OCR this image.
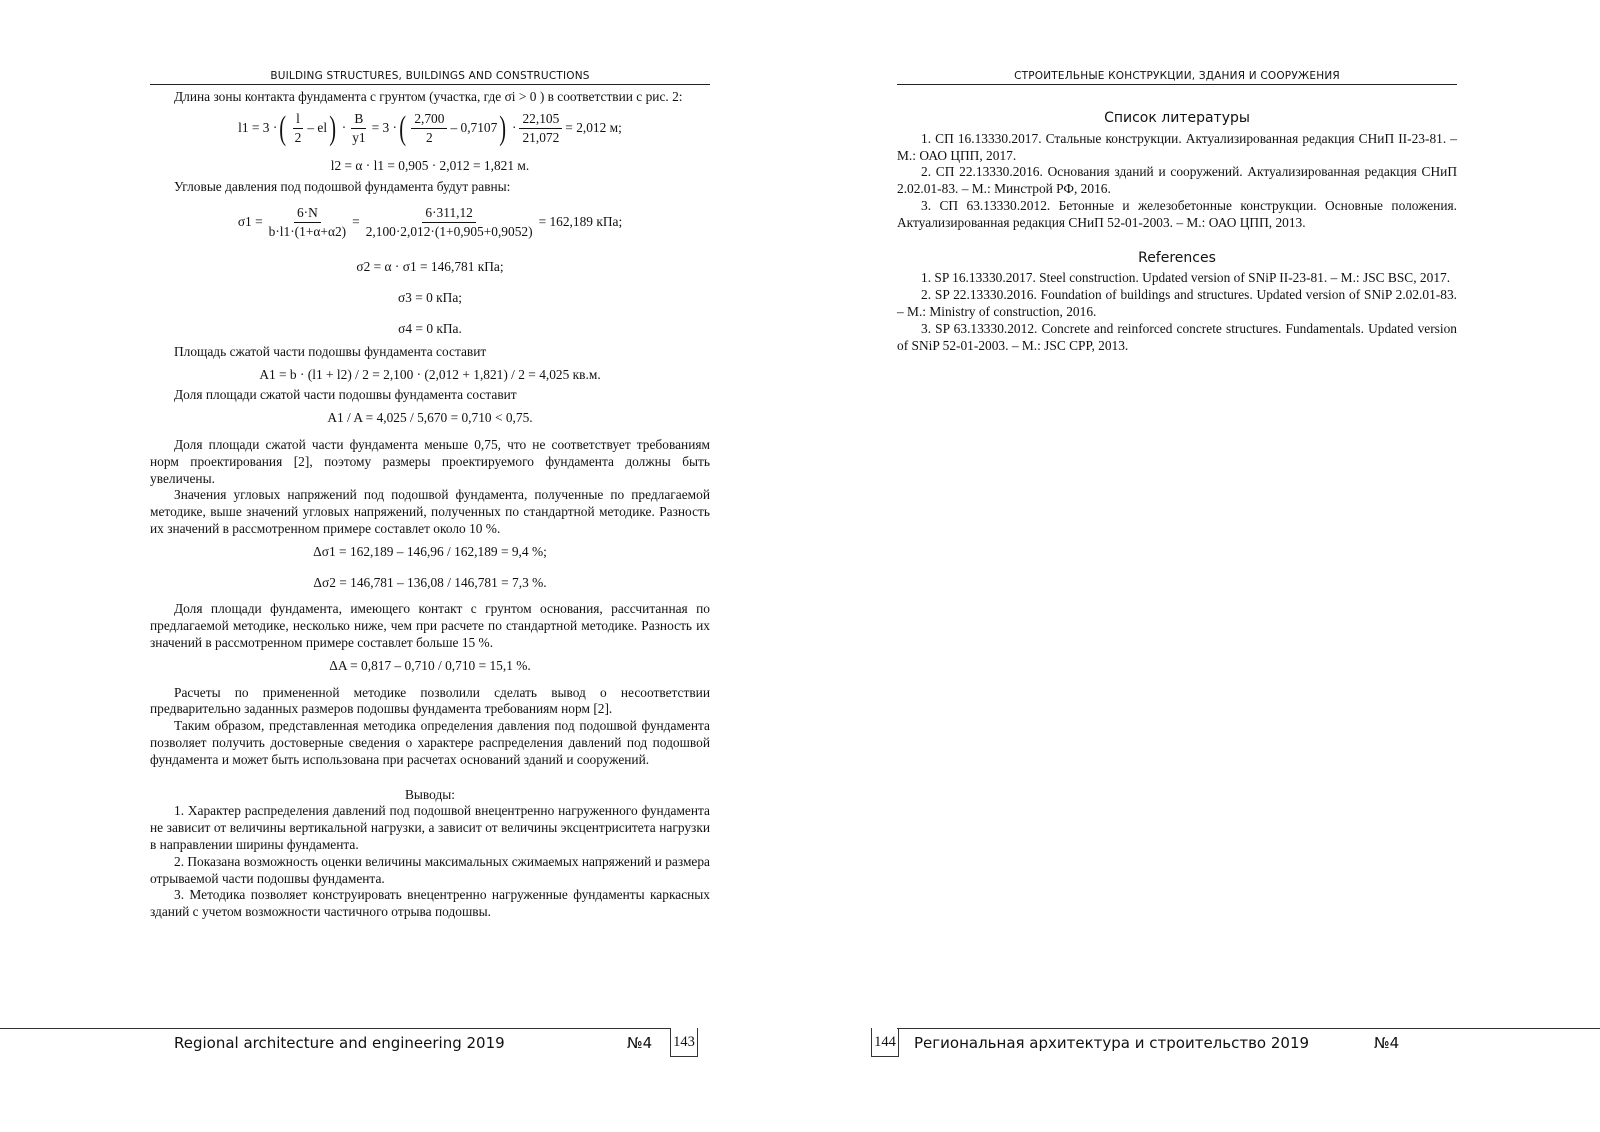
BUILDING STRUCTURES, BUILDINGS AND CONSTRUCTIONS

Длина зоны контакта фундамента с грунтом (участка, где σi > 0 ) в соответствии с рис. 2:

l1 = 3 · ( $\frac{l}{2}$ – el ) · $\frac{B}{y1} = 3$ · ( $\frac{2,700}{2} - 0,7107$ ) · $\frac{22,105}{21,072} = 2,012$ м;

l2 = α · l1 = 0,905 · 2,012 = 1,821 м.

Угловые давления под подошвой фундамента будут равны:

$\sigma 1 = \frac{6\cdot N}{b\cdot l1\cdot(1+\alpha+\alpha 2)} = \frac{6\cdot 311,12}{2,100\cdot 2,012\cdot(1+0,905+0,9052)} = 162,189$ кПа;

σ2 = α · σ1 = 146,781 кПа;

σ3 = 0 кПа;

σ4 = 0 кПа.

Площадь сжатой части подошвы фундамента составит

A1 = b · (l1 + l2) / 2 = 2,100 · (2,012 + 1,821) / 2 = 4,025 кв.м.

Доля площади сжатой части подошвы фундамента составит

A1 / A = 4,025 / 5,670 = 0,710 < 0,75.

Доля площади сжатой части фундамента меньше 0,75, что не соответствует требованиям норм проектирования [2], поэтому размеры проектируемого фундамента должны быть увеличены.

Значения угловых напряжений под подошвой фундамента, полученные по предлагаемой методике, выше значений угловых напряжений, полученных по стандартной методике. Разность их значений в рассмотренном примере составлет около 10 %.

Δσ1 = 162,189 – 146,96 / 162,189 = 9,4 %;

Δσ2 = 146,781 – 136,08 / 146,781 = 7,3 %.

Доля площади фундамента, имеющего контакт с грунтом основания, рассчитанная по предлагаемой методике, несколько ниже, чем при расчете по стандартной методике. Разность их значений в рассмотренном примере составлет больше 15 %.

ΔA = 0,817 – 0,710 / 0,710 = 15,1 %.

Расчеты по примененной методике позволили сделать вывод о несоответствии предварительно заданных размеров подошвы фундамента требованиям норм [2].

Таким образом, представленная методика определения давления под подошвой фундамента позволяет получить достоверные сведения о характере распределения давлений под подошвой фундамента и может быть использована при расчетах оснований зданий и сооружений.

Выводы:

1. Характер распределения давлений под подошвой внецентренно нагруженного фундамента не зависит от величины вертикальной нагрузки, а зависит от величины эксцентриситета нагрузки в направлении ширины фундамента.

2. Показана возможность оценки величины максимальных сжимаемых напряжений и размера отрываемой части подошвы фундамента.

3. Методика позволяет конструировать внецентренно нагруженные фундаменты каркасных зданий с учетом возможности частичного отрыва подошвы.

Regional architecture and engineering 2019	№4 143
СТРОИТЕЛЬНЫЕ КОНСТРУКЦИИ, ЗДАНИЯ И СООРУЖЕНИЯ

Список литературы

1. СП 16.13330.2017. Стальные конструкции. Актуализированная редакция СНиП II-23-81. – М.: ОАО ЦПП, 2017.

2. СП 22.13330.2016. Основания зданий и сооружений. Актуализированная редакция СНиП 2.02.01-83. – М.: Минстрой РФ, 2016.

3. СП 63.13330.2012. Бетонные и железобетонные конструкции. Основные положения. Актуализированная редакция СНиП 52-01-2003. – М.: ОАО ЦПП, 2013.

References

1. SP 16.13330.2017. Steel construction. Updated version of SNiP II-23-81. – M.: JSC BSC, 2017.

2. SP 22.13330.2016. Foundation of buildings and structures. Updated version of SNiP 2.02.01-83. – M.: Ministry of construction, 2016.

3. SP 63.13330.2012. Concrete and reinforced concrete structures. Fundamentals. Updated version of SNiP 52-01-2003. – M.: JSC CPP, 2013.

144 Региональная архитектура и строительство 2019	№4
